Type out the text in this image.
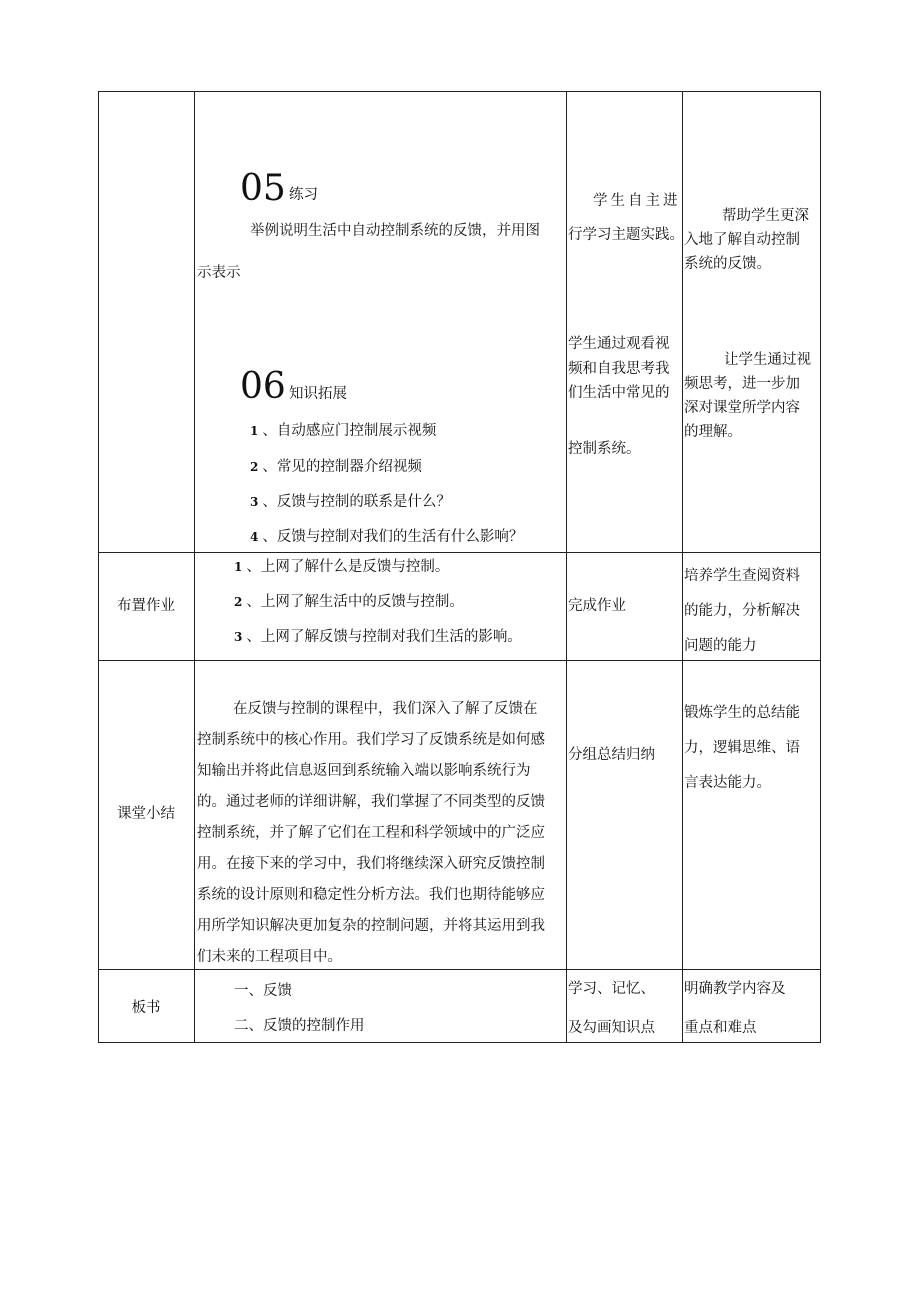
05 练习
举例说明生活中自动控制系统的反馈，并用图
示表示
学生自主进
行学习主题实践。
帮助学生更深
入地了解自动控制
系统的反馈。
06 知识拓展
1 、自动感应门控制展示视频
2 、常见的控制器介绍视频
3 、反馈与控制的联系是什么？
4 、反馈与控制对我们的生活有什么影响？
学生通过观看视
频和自我思考我
们生活中常见的
控制系统。
让学生通过视
频思考，进一步加
深对课堂所学内容
的理解。
布置作业
1 、上网了解什么是反馈与控制。
2 、上网了解生活中的反馈与控制。
3 、上网了解反馈与控制对我们生活的影响。
完成作业
培养学生查阅资料
的能力，分析解决
问题的能力
课堂小结
在反馈与控制的课程中，我们深入了解了反馈在
控制系统中的核心作用。我们学习了反馈系统是如何感
知输出并将此信息返回到系统输入端以影响系统行为
的。通过老师的详细讲解，我们掌握了不同类型的反馈
控制系统，并了解了它们在工程和科学领域中的广泛应
用。在接下来的学习中，我们将继续深入研究反馈控制
系统的设计原则和稳定性分析方法。我们也期待能够应
用所学知识解决更加复杂的控制问题，并将其运用到我
们未来的工程项目中。
分组总结归纳
锻炼学生的总结能
力，逻辑思维、语
言表达能力。
板书
一、反馈
二、反馈的控制作用
学习、记忆、
及勾画知识点
明确教学内容及
重点和难点
